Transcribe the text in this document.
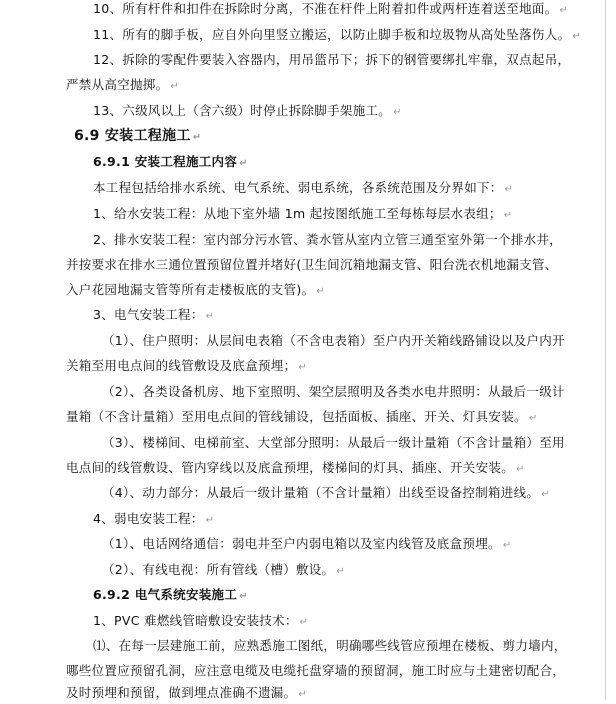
10、所有杆件和扣件在拆除时分离，不准在杆件上附着扣件或两杆连着送至地面。 ↵
11、所有的脚手板，应自外向里竖立搬运，以防止脚手板和垃圾物从高处坠落伤人。 ↵
12、拆除的零配件要装入容器内，用吊篮吊下；拆下的钢管要绑扎牢靠，双点起吊，
严禁从高空抛掷。 ↵
13、六级风以上（含六级）时停止拆除脚手架施工。 ↵
6.9 安装工程施工 ↵
6.9.1 安装工程施工内容 ↵
本工程包括给排水系统、电气系统、弱电系统，各系统范围及分界如下： ↵
1、给水安装工程：从地下室外墙 1m 起按图纸施工至每栋每层水表组； ↵
2、排水安装工程：室内部分污水管、粪水管从室内立管三通至室外第一个排水井，
并按要求在排水三通位置预留位置并堵好(卫生间沉箱地漏支管、阳台洗衣机地漏支管、
入户花园地漏支管等所有走楼板底的支管)。 ↵
3、电气安装工程： ↵
（1）、住户照明：从层间电表箱（不含电表箱）至户内开关箱线路铺设以及户内开
关箱至用电点间的线管敷设及底盒预埋； ↵
（2）、各类设备机房、地下室照明、架空层照明及各类水电井照明：从最后一级计
量箱（不含计量箱）至用电点间的管线铺设，包括面板、插座、开关、灯具安装。 ↵
（3）、楼梯间、电梯前室、大堂部分照明：从最后一级计量箱（不含计量箱）至用
电点间的线管敷设、管内穿线以及底盒预埋，楼梯间的灯具、插座、开关安装。 ↵
（4）、动力部分：从最后一级计量箱（不含计量箱）出线至设备控制箱进线。 ↵
4、弱电安装工程： ↵
（1）、电话网络通信：弱电井至户内弱电箱以及室内线管及底盒预埋。 ↵
（2）、有线电视：所有管线（槽）敷设。 ↵
6.9.2 电气系统安装施工 ↵
1、PVC 难燃线管暗敷设安装技术： ↵
⑴、在每一层建施工前，应熟悉施工图纸，明确哪些线管应预埋在楼板、剪力墙内，
哪些位置应预留孔洞，应注意电缆及电缆托盘穿墙的预留洞，施工时应与土建密切配合，
及时预埋和预留，做到埋点准确不遗漏。 ↵
